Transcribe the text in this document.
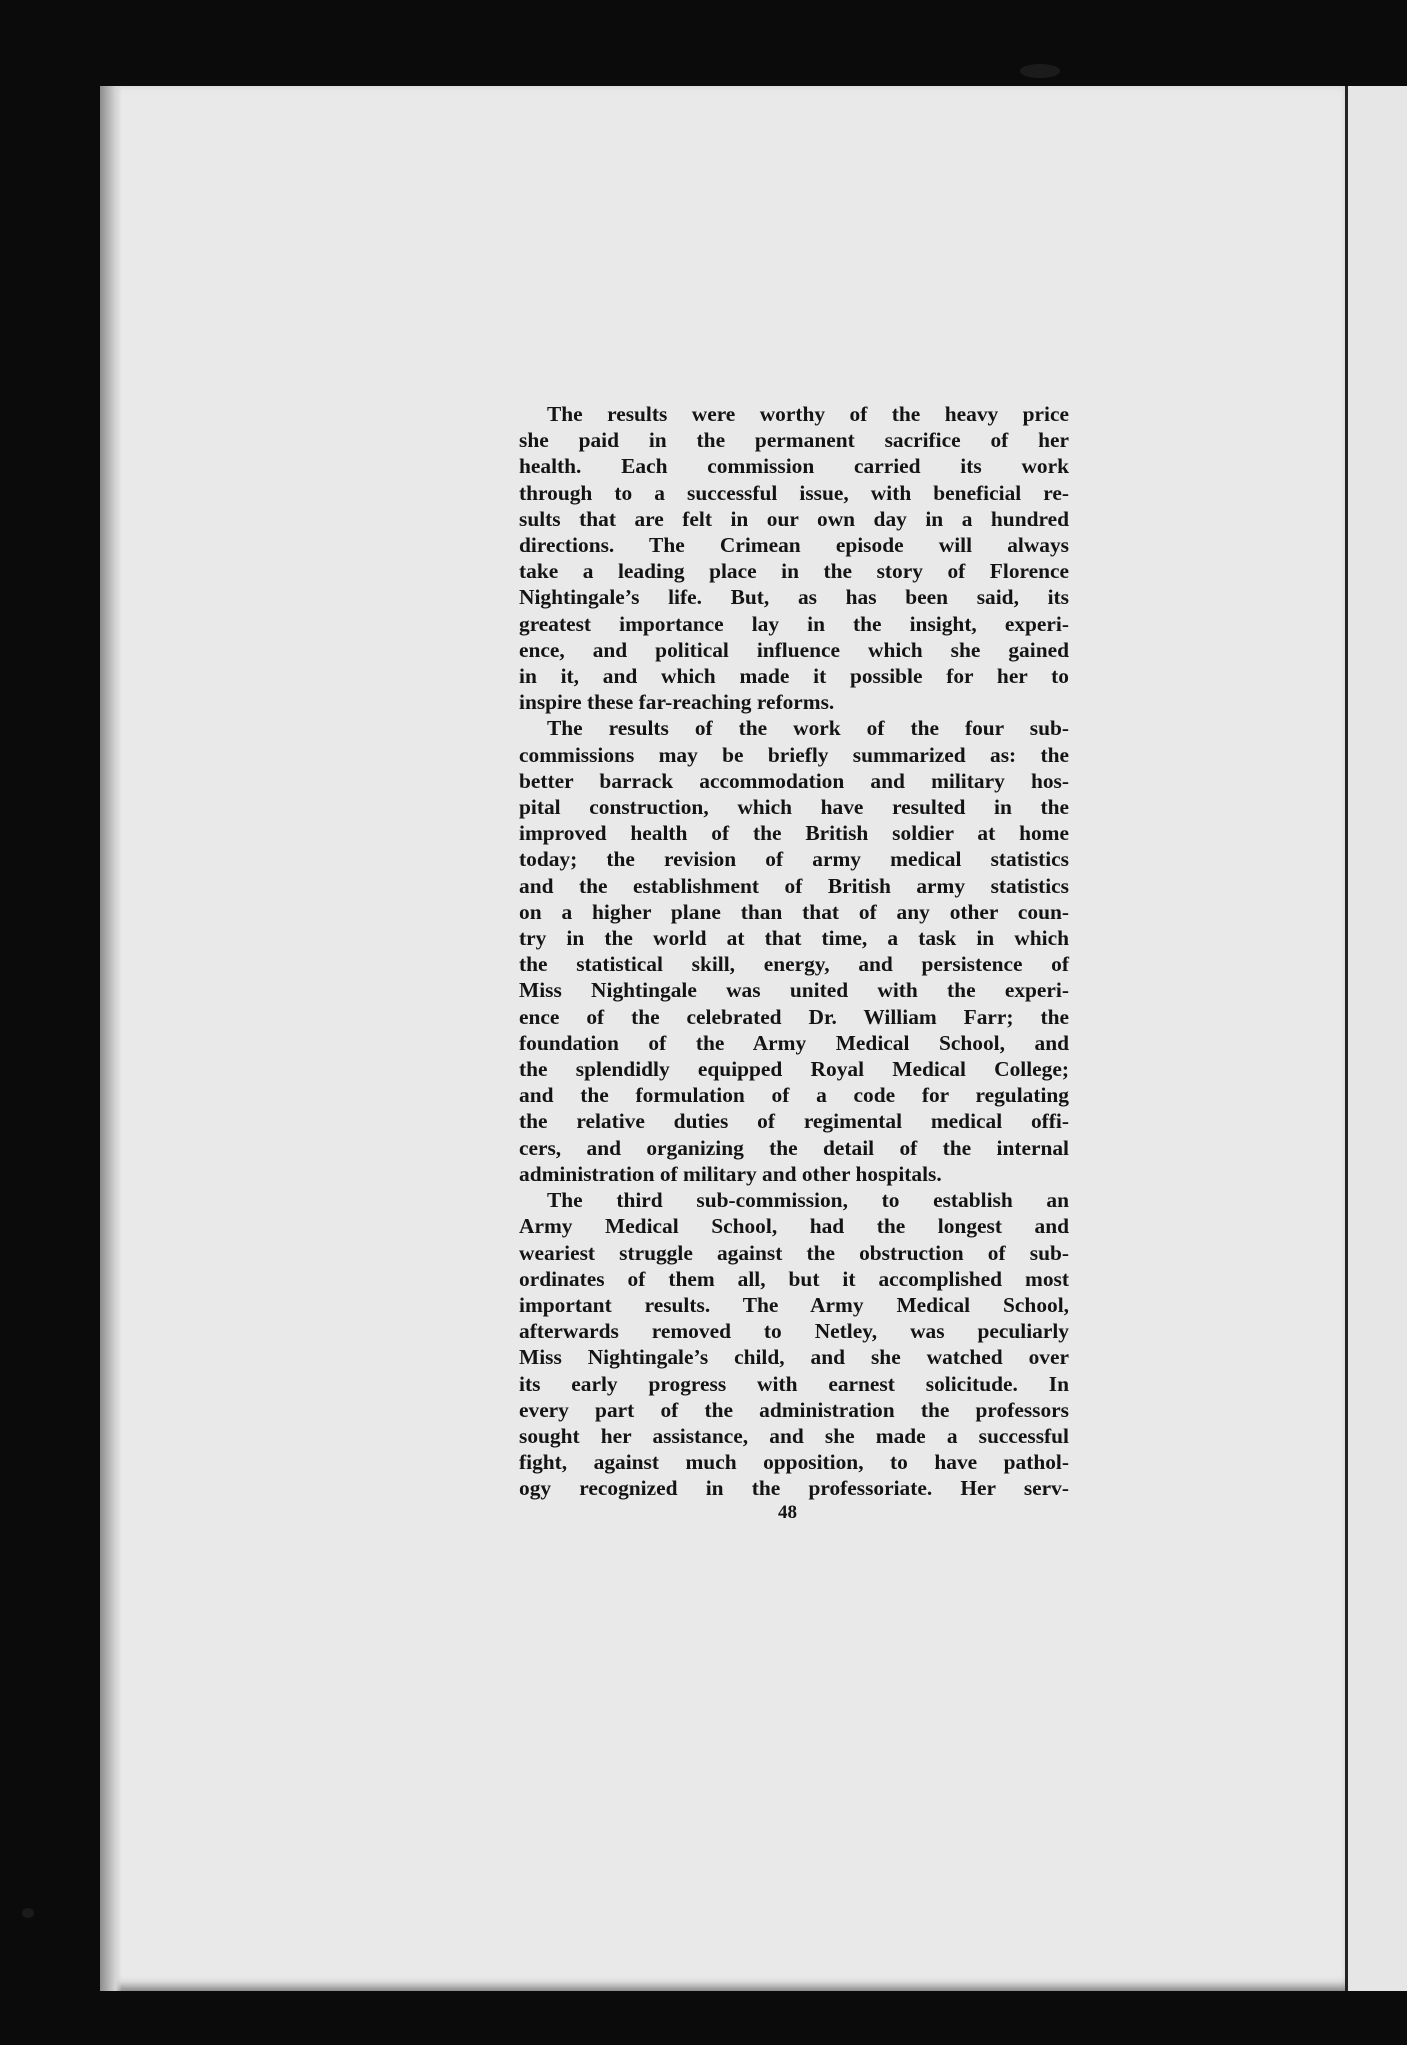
The results were worthy of the heavy price
she paid in the permanent sacrifice of her
health. Each commission carried its work
through to a successful issue, with beneficial re-
sults that are felt in our own day in a hundred
directions. The Crimean episode will always
take a leading place in the story of Florence
Nightingale’s life. But, as has been said, its
greatest importance lay in the insight, experi-
ence, and political influence which she gained
in it, and which made it possible for her to
inspire these far-reaching reforms.

The results of the work of the four sub-
commissions may be briefly summarized as: the
better barrack accommodation and military hos-
pital construction, which have resulted in the
improved health of the British soldier at home
today; the revision of army medical statistics
and the establishment of British army statistics
on a higher plane than that of any other coun-
try in the world at that time, a task in which
the statistical skill, energy, and persistence of
Miss Nightingale was united with the experi-
ence of the celebrated Dr. William Farr; the
foundation of the Army Medical School, and
the splendidly equipped Royal Medical College;
and the formulation of a code for regulating
the relative duties of regimental medical offi-
cers, and organizing the detail of the internal
administration of military and other hospitals.

The third sub-commission, to establish an
Army Medical School, had the longest and
weariest struggle against the obstruction of sub-
ordinates of them all, but it accomplished most
important results. The Army Medical School,
afterwards removed to Netley, was peculiarly
Miss Nightingale’s child, and she watched over
its early progress with earnest solicitude. In
every part of the administration the professors
sought her assistance, and she made a successful
fight, against much opposition, to have pathol-
ogy recognized in the professoriate. Her serv-

48
